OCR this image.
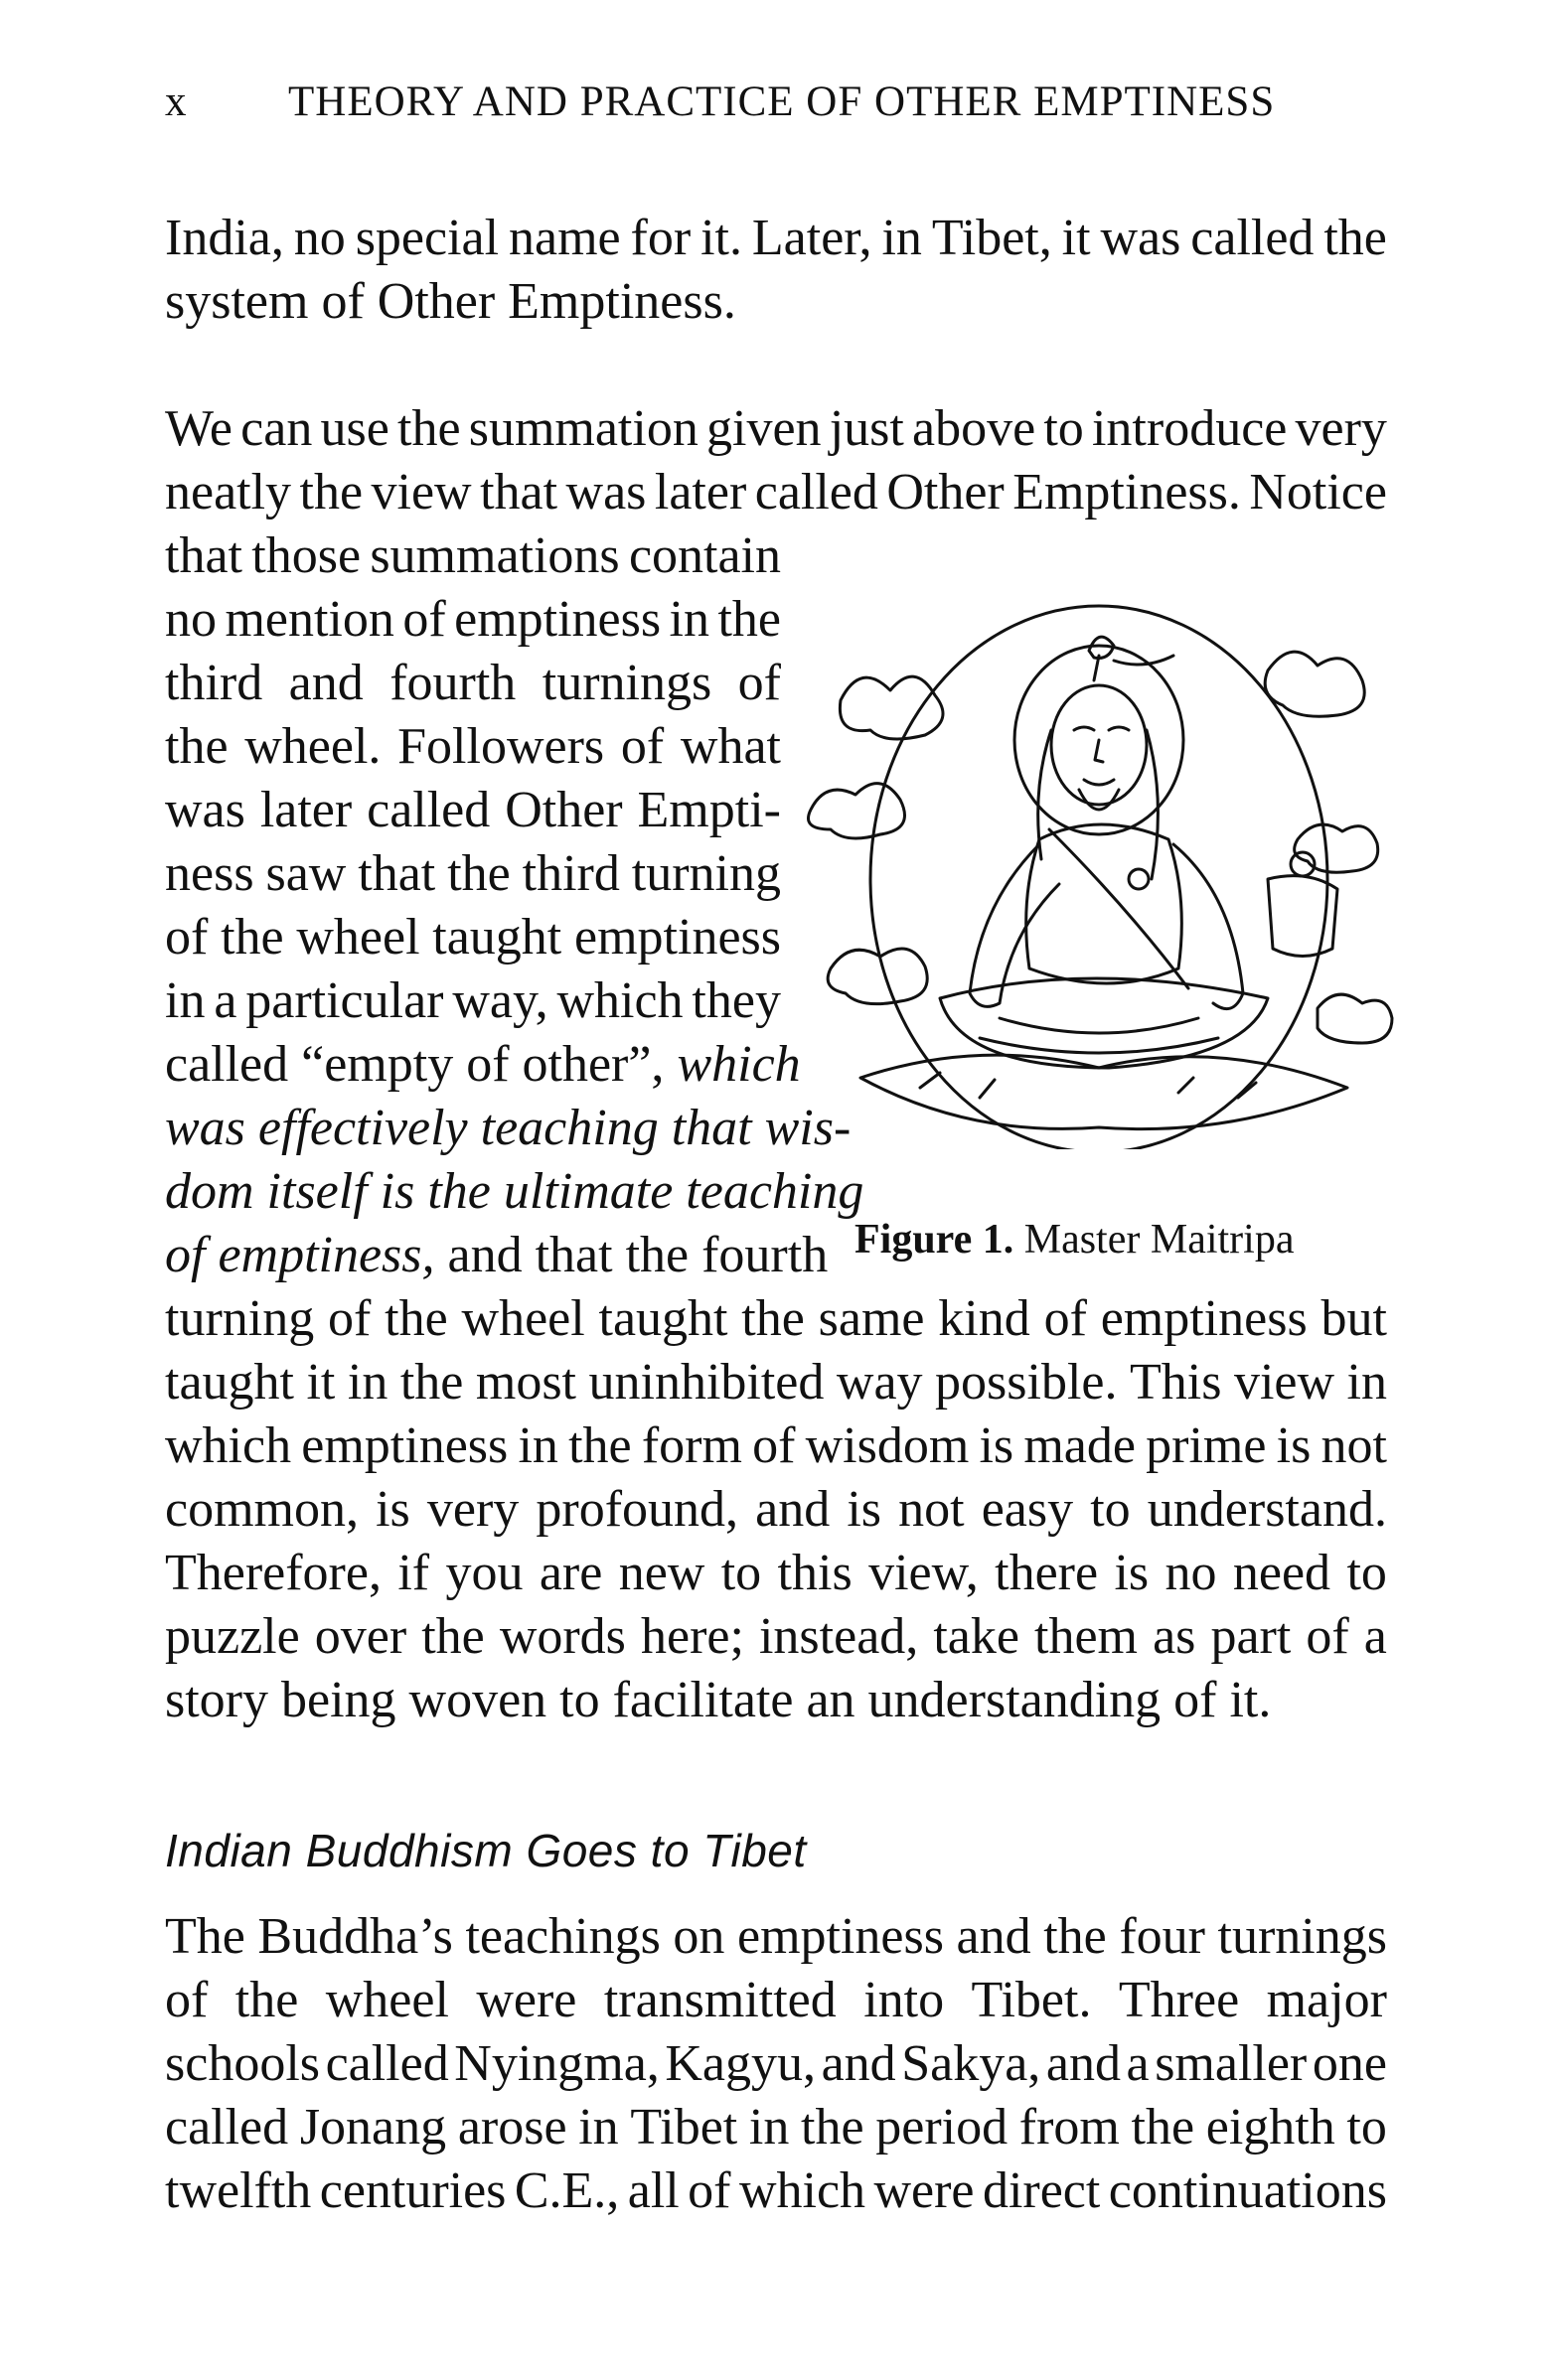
x THEORY AND PRACTICE OF OTHER EMPTINESS
India, no special name for it. Later, in Tibet, it was called the
system of Other Emptiness.
We can use the summation given just above to introduce very
neatly the view that was later called Other Emptiness. Notice
that those summations contain
no mention of emptiness in the
third and fourth turnings of
the wheel. Followers of what
was later called Other Empti-
ness saw that the third turning
of the wheel taught emptiness
in a particular way, which they
called “empty of other”, which
was effectively teaching that wis-
dom itself is the ultimate teaching
of emptiness, and that the fourth
turning of the wheel taught the same kind of emptiness but
taught it in the most uninhibited way possible. This view in
which emptiness in the form of wisdom is made prime is not
common, is very profound, and is not easy to understand.
Therefore, if you are new to this view, there is no need to
puzzle over the words here; instead, take them as part of a
story being woven to facilitate an understanding of it.
Figure 1. Master Maitripa
Indian Buddhism Goes to Tibet
The Buddha’s teachings on emptiness and the four turnings
of the wheel were transmitted into Tibet. Three major
schools called Nyingma, Kagyu, and Sakya, and a smaller one
called Jonang arose in Tibet in the period from the eighth to
twelfth centuries C.E., all of which were direct continuations
